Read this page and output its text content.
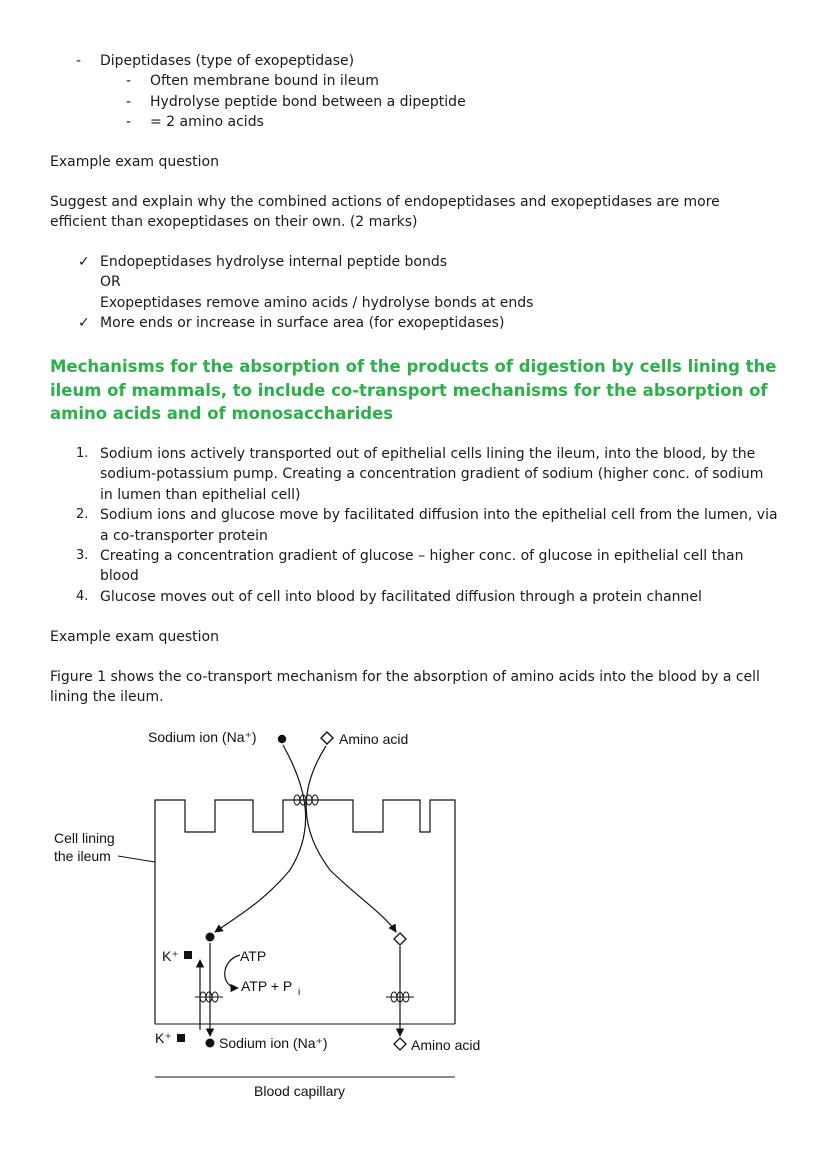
- Dipeptidases (type of exopeptidase)
- Often membrane bound in ileum
- Hydrolyse peptide bond between a dipeptide
- = 2 amino acids
Example exam question
Suggest and explain why the combined actions of endopeptidases and exopeptidases are more
efficient than exopeptidases on their own. (2 marks)
✓ Endopeptidases hydrolyse internal peptide bonds
OR
Exopeptidases remove amino acids / hydrolyse bonds at ends
✓ More ends or increase in surface area (for exopeptidases)
Mechanisms for the absorption of the products of digestion by cells lining the ileum of mammals, to include co-transport mechanisms for the absorption of amino acids and of monosaccharides
1. Sodium ions actively transported out of epithelial cells lining the ileum, into the blood, by the
sodium-potassium pump. Creating a concentration gradient of sodium (higher conc. of sodium
in lumen than epithelial cell)
2. Sodium ions and glucose move by facilitated diffusion into the epithelial cell from the lumen, via
a co-transporter protein
3. Creating a concentration gradient of glucose – higher conc. of glucose in epithelial cell than
blood
4. Glucose moves out of cell into blood by facilitated diffusion through a protein channel
Example exam question
Figure 1 shows the co-transport mechanism for the absorption of amino acids into the blood by a cell
lining the ileum.
Sodium ion (Na⁺)	Amino acid
Cell lining
the ileum
K⁺	ATP
ATP + P i
K⁺	Sodium ion (Na⁺)	Amino acid
Blood capillary
